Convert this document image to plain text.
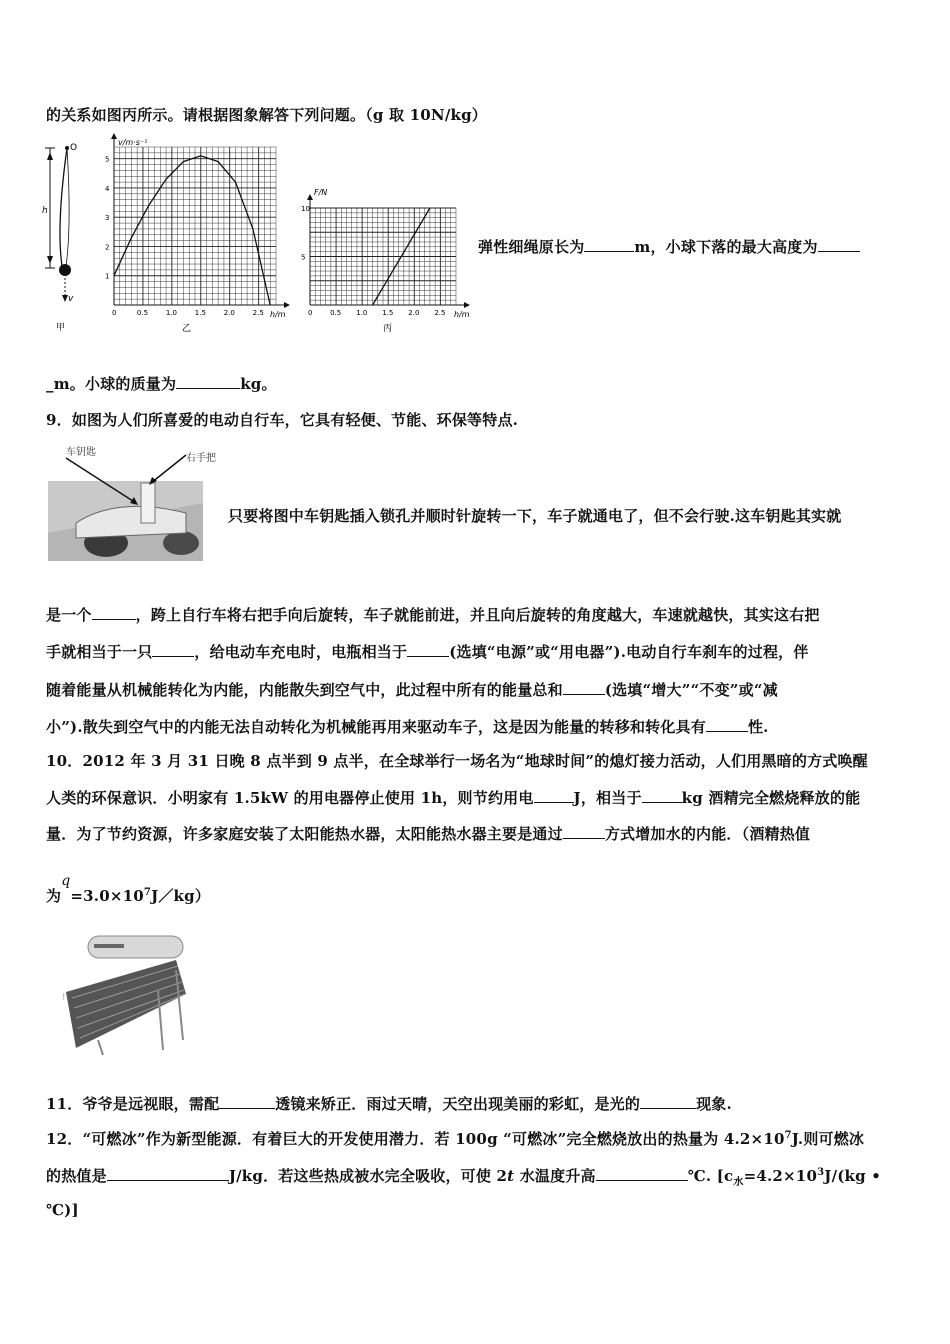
的关系如图丙所示。请根据图象解答下列问题。（g 取 10N/kg）
h
O
v
甲
0	0.5	1.0	1.5	2.0	2.5
1
2
3
4
5
v/m·s⁻¹
h/m
乙
0	0.5 1.0 1.5 2.0 2.5
5
10
F/N
h/m
丙
弹性细绳原长为	m，小球下落的最大高度为
_m。小球的质量为	kg。
9．如图为人们所喜爱的电动自行车，它具有轻便、节能、环保等特点.
车钥匙
右手把
只要将图中车钥匙插入锁孔并顺时针旋转一下，车子就通电了，但不会行驶.这车钥匙其实就
是一个	，跨上自行车将右把手向后旋转，车子就能前进，并且向后旋转的角度越大，车速就越快，其实这右把
手就相当于一只	，给电动车充电时，电瓶相当于	(选填“电源”或“用电器”).电动自行车刹车的过程，伴
随着能量从机械能转化为内能，内能散失到空气中，此过程中所有的能量总和	(选填“增大”“不变”或“减
小”).散失到空气中的内能无法自动转化为机械能再用来驱动车子，这是因为能量的转移和转化具有	性.
10．2012 年 3 月 31 日晚 8 点半到 9 点半，在全球举行一场名为“地球时间”的熄灯接力活动，人们用黑暗的方式唤醒
人类的环保意识．小明家有 1.5kW 的用电器停止使用 1h，则节约用电	J，相当于	kg 酒精完全燃烧释放的能
量．为了节约资源，许多家庭安装了太阳能热水器，太阳能热水器主要是通过	方式增加水的内能．（酒精热值
为$q=3.0\times 10^7J/kg$）
f
11．爷爷是远视眼，需配	透镜来矫正．雨过天晴，天空出现美丽的彩虹，是光的	现象.
12．“可燃冰”作为新型能源．有着巨大的开发使用潜力．若 100g “可燃冰”完全燃烧放出的热量为 $4.2\times 10^7J$.则可燃冰
的热值是	J/kg．若这些热成被水完全吸收，可使 2t 水温度升高	℃. [$c_水=4.2\times 10^3J/(kg$ •
℃)]
